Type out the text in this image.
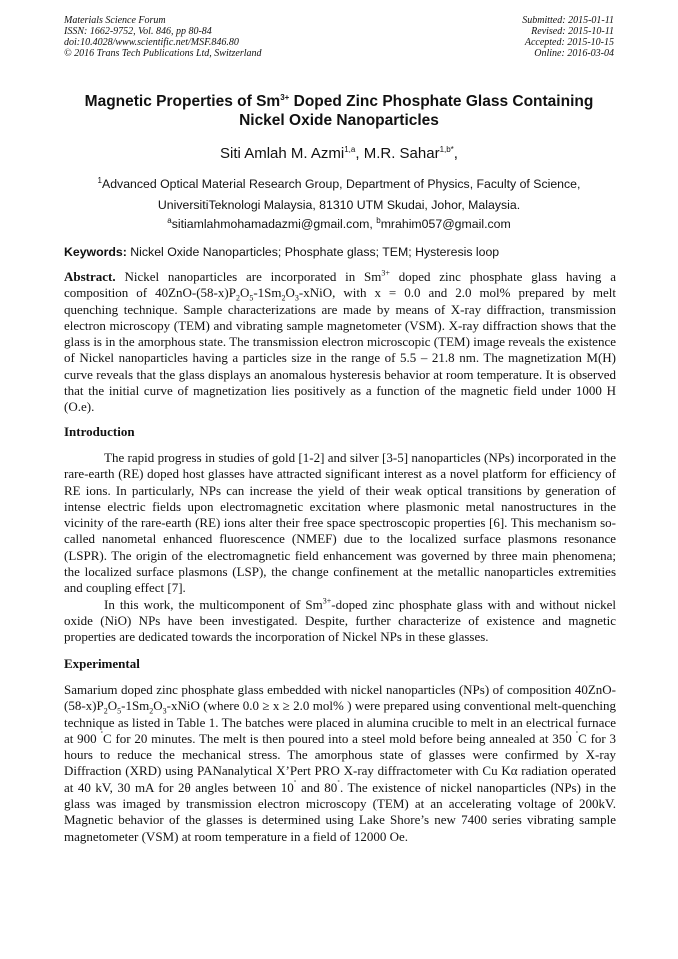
Materials Science Forum
ISSN: 1662-9752, Vol. 846, pp 80-84
doi:10.4028/www.scientific.net/MSF.846.80
© 2016 Trans Tech Publications Ltd, Switzerland
Submitted: 2015-01-11
Revised: 2015-10-11
Accepted: 2015-10-15
Online: 2016-03-04
Magnetic Properties of $Sm^{3+}$ Doped Zinc Phosphate Glass Containing
Nickel Oxide Nanoparticles
Siti Amlah M. Azmi$^{1,a}$, M.R. Sahar$^{1,b*}$,
$^1$Advanced Optical Material Research Group, Department of Physics, Faculty of Science,
UniversitiTeknologi Malaysia, 81310 UTM Skudai, Johor, Malaysia.
$^a$sitiamlahmohamadazmi@gmail.com, $^b$mrahim057@gmail.com
Keywords: Nickel Oxide Nanoparticles; Phosphate glass; TEM; Hysteresis loop

Abstract. Nickel nanoparticles are incorporated in $Sm^{3+}$ doped zinc phosphate glass having a composition of $40ZnO-(58-x)P_2O_5-1Sm_2O_3$-xNiO, with x = 0.0 and 2.0 mol% prepared by melt quenching technique. Sample characterizations are made by means of X-ray diffraction, transmission electron microscopy (TEM) and vibrating sample magnetometer (VSM). X-ray diffraction shows that the glass is in the amorphous state. The transmission electron microscopic (TEM) image reveals the existence of Nickel nanoparticles having a particles size in the range of 5.5 – 21.8 nm. The magnetization M(H) curve reveals that the glass displays an anomalous hysteresis behavior at room temperature. It is observed that the initial curve of magnetization lies positively as a function of the magnetic field under 1000 H (O.e).

Introduction

The rapid progress in studies of gold [1-2] and silver [3-5] nanoparticles (NPs) incorporated in the rare-earth (RE) doped host glasses have attracted significant interest as a novel platform for efficiency of RE ions. In particularly, NPs can increase the yield of their weak optical transitions by generation of intense electric fields upon electromagnetic excitation where plasmonic metal nanostructures in the vicinity of the rare-earth (RE) ions alter their free space spectroscopic properties [6]. This mechanism so-called nanometal enhanced fluorescence (NMEF) due to the localized surface plasmons resonance (LSPR). The origin of the electromagnetic field enhancement was governed by three main phenomena; the localized surface plasmons (LSP), the change confinement at the metallic nanoparticles extremities and coupling effect [7].

In this work, the multicomponent of $Sm^{3+}$-doped zinc phosphate glass with and without nickel oxide (NiO) NPs have been investigated. Despite, further characterize of existence and magnetic properties are dedicated towards the incorporation of Nickel NPs in these glasses.

Experimental

Samarium doped zinc phosphate glass embedded with nickel nanoparticles (NPs) of composition $40ZnO-(58-x)P_2O_5-1Sm_2O_3$-xNiO (where 0.0 ≥ x ≥ 2.0 mol% ) were prepared using conventional melt-quenching technique as listed in Table 1. The batches were placed in alumina crucible to melt in an electrical furnace at 900 ˚C for 20 minutes. The melt is then poured into a steel mold before being annealed at 350 ˚C for 3 hours to reduce the mechanical stress. The amorphous state of glasses were confirmed by X-ray Diffraction (XRD) using PANanalytical X’Pert PRO X-ray diffractometer with Cu Kα radiation operated at 40 kV, 30 mA for 2θ angles between 10˚ and 80˚. The existence of nickel nanoparticles (NPs) in the glass was imaged by transmission electron microscopy (TEM) at an accelerating voltage of 200kV. Magnetic behavior of the glasses is determined using Lake Shore’s new 7400 series vibrating sample magnetometer (VSM) at room temperature in a field of 12000 Oe.
